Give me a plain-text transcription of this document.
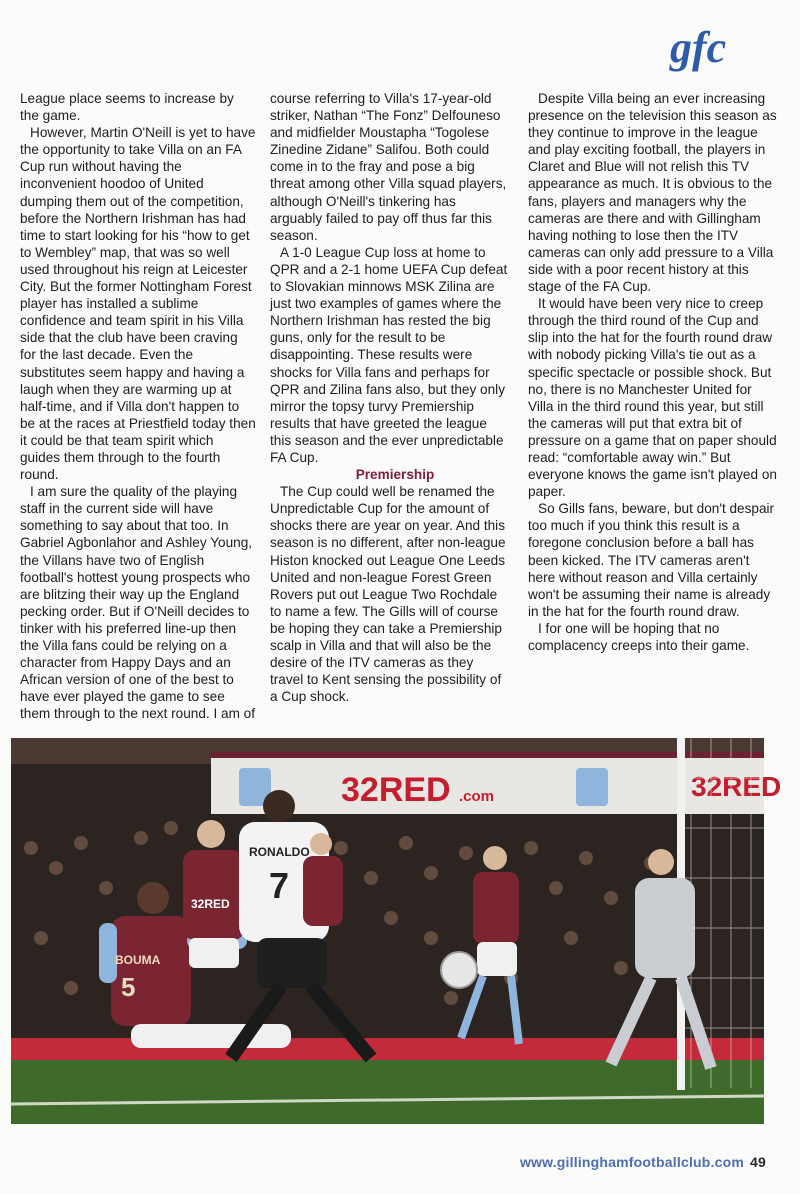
gfc

League place seems to increase by the game.

However, Martin O'Neill is yet to have the opportunity to take Villa on an FA Cup run without having the inconvenient hoodoo of United dumping them out of the competition, before the Northern Irishman has had time to start looking for his “how to get to Wembley” map, that was so well used throughout his reign at Leicester City. But the former Nottingham Forest player has installed a sublime confidence and team spirit in his Villa side that the club have been craving for the last decade. Even the substitutes seem happy and having a laugh when they are warming up at half-time, and if Villa don't happen to be at the races at Priestfield today then it could be that team spirit which guides them through to the fourth round.

I am sure the quality of the playing staff in the current side will have something to say about that too. In Gabriel Agbonlahor and Ashley Young, the Villans have two of English football's hottest young prospects who are blitzing their way up the England pecking order. But if O'Neill decides to tinker with his preferred line-up then the Villa fans could be relying on a character from Happy Days and an African version of one of the best to have ever played the game to see them through to the next round. I am of

course referring to Villa's 17-year-old striker, Nathan “The Fonz” Delfouneso and midfielder Moustapha “Togolese Zinedine Zidane” Salifou. Both could come in to the fray and pose a big threat among other Villa squad players, although O'Neill's tinkering has arguably failed to pay off thus far this season.

A 1-0 League Cup loss at home to QPR and a 2-1 home UEFA Cup defeat to Slovakian minnows MSK Zilina are just two examples of games where the Northern Irishman has rested the big guns, only for the result to be disappointing. These results were shocks for Villa fans and perhaps for QPR and Zilina fans also, but they only mirror the topsy turvy Premiership results that have greeted the league this season and the ever unpredictable FA Cup.

Premiership

The Cup could well be renamed the Unpredictable Cup for the amount of shocks there are year on year. And this season is no different, after non-league Histon knocked out League One Leeds United and non-league Forest Green Rovers put out League Two Rochdale to name a few. The Gills will of course be hoping they can take a Premiership scalp in Villa and that will also be the desire of the ITV cameras as they travel to Kent sensing the possibility of a Cup shock.

Despite Villa being an ever increasing presence on the television this season as they continue to improve in the league and play exciting football, the players in Claret and Blue will not relish this TV appearance as much. It is obvious to the fans, players and managers why the cameras are there and with Gillingham having nothing to lose then the ITV cameras can only add pressure to a Villa side with a poor recent history at this stage of the FA Cup.

It would have been very nice to creep through the third round of the Cup and slip into the hat for the fourth round draw with nobody picking Villa's tie out as a specific spectacle or possible shock. But no, there is no Manchester United for Villa in the third round this year, but still the cameras will put that extra bit of pressure on a game that on paper should read: “comfortable away win.” But everyone knows the game isn't played on paper.

So Gills fans, beware, but don't despair too much if you think this result is a foregone conclusion before a ball has been kicked. The ITV cameras aren't here without reason and Villa certainly won't be assuming their name is already in the hat for the fourth round draw.

I for one will be hoping that no complacency creeps into their game.

32RED .com	32RED
BOUMA
5
32RED
RONALDO
7
www.gillinghamfootballclub.com 49
